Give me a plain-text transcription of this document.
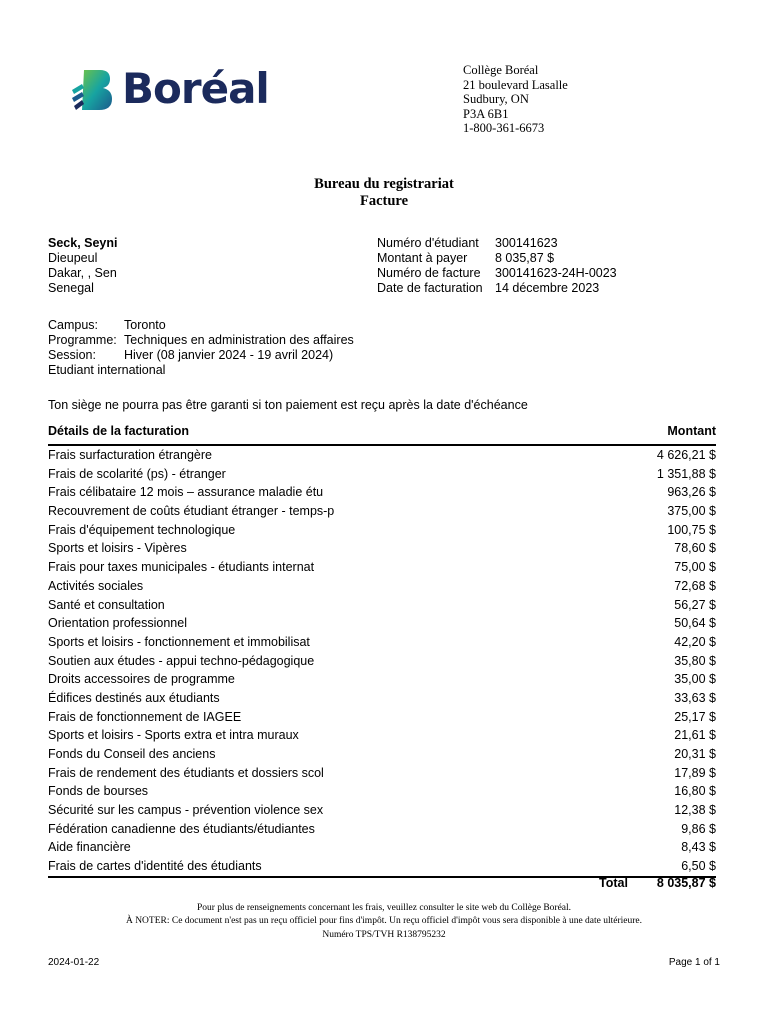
Boréal	Collège Boréal
21 boulevard Lasalle
Sudbury, ON
P3A 6B1
1-800-361-6673
Bureau du registrariat
Facture
Seck, Seyni
Dieupeul
Dakar, , Sen
Senegal
Numéro d'étudiant	300141623
Montant à payer	8 035,87 $
Numéro de facture	300141623-24H-0023
Date de facturation 14 décembre 2023
Campus:	Toronto
Programme: Techniques en administration des affaires
Session:	Hiver (08 janvier 2024 - 19 avril 2024)
Etudiant international
Ton siège ne pourra pas être garanti si ton paiement est reçu après la date d'échéance
Détails de la facturation	Montant
Frais surfacturation étrangère	4 626,21 $
Frais de scolarité (ps) - étranger	1 351,88 $
Frais célibataire 12 mois – assurance maladie étu	963,26 $
Recouvrement de coûts étudiant étranger - temps-p	375,00 $
Frais d'équipement technologique	100,75 $
Sports et loisirs - Vipères	78,60 $
Frais pour taxes municipales - étudiants internat	75,00 $
Activités sociales	72,68 $
Santé et consultation	56,27 $
Orientation professionnel	50,64 $
Sports et loisirs - fonctionnement et immobilisat	42,20 $
Soutien aux études - appui techno-pédagogique	35,80 $
Droits accessoires de programme	35,00 $
Édifices destinés aux étudiants	33,63 $
Frais de fonctionnement de IAGEE	25,17 $
Sports et loisirs - Sports extra et intra muraux	21,61 $
Fonds du Conseil des anciens	20,31 $
Frais de rendement des étudiants et dossiers scol	17,89 $
Fonds de bourses	16,80 $
Sécurité sur les campus - prévention violence sex	12,38 $
Fédération canadienne des étudiants/étudiantes	9,86 $
Aide financière	8,43 $
Frais de cartes d'identité des étudiants	6,50 $
Total 8 035,87 $
Pour plus de renseignements concernant les frais, veuillez consulter le site web du Collège Boréal.
À NOTER: Ce document n'est pas un reçu officiel pour fins d'impôt. Un reçu officiel d'impôt vous sera disponible à une date ultérieure.
Numéro TPS/TVH R138795232
2024-01-22	Page 1 of 1
